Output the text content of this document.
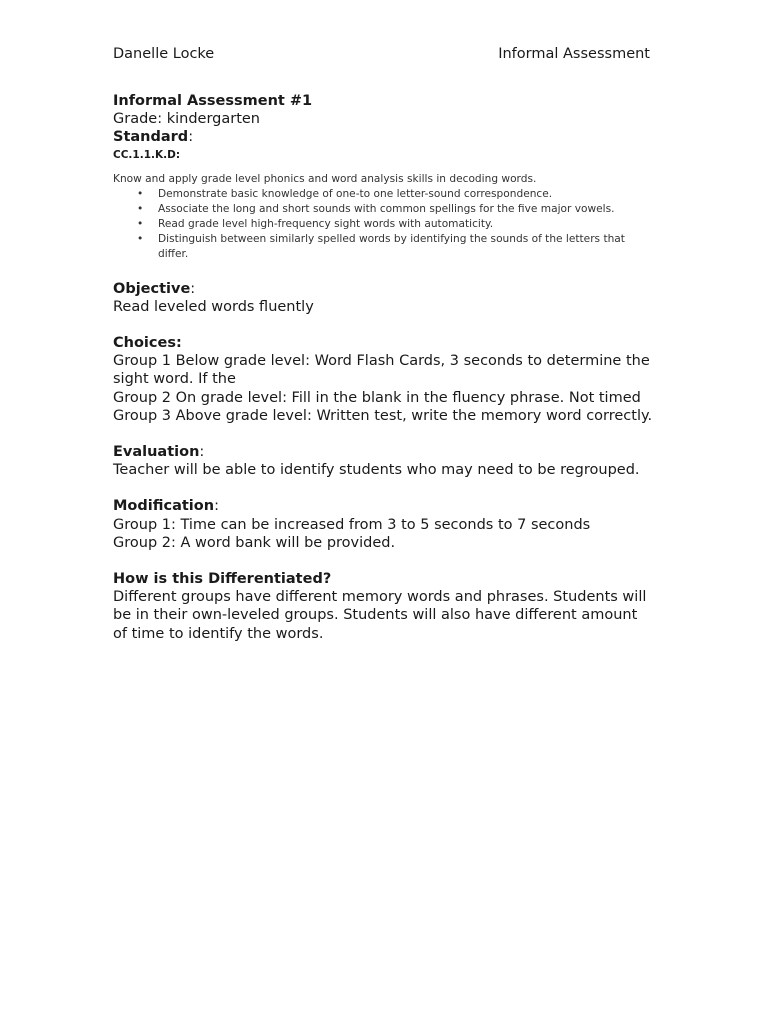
Danelle Locke	Informal Assessment

Informal Assessment #1

Grade: kindergarten

Standard:

CC.1.1.K.D:

Know and apply grade level phonics and word analysis skills in decoding words.

• Demonstrate basic knowledge of one-to one letter-sound correspondence.
• Associate the long and short sounds with common spellings for the five major vowels.
• Read grade level high-frequency sight words with automaticity.
• Distinguish between similarly spelled words by identifying the sounds of the letters that differ.

Objective:

Read leveled words fluently

Choices:

Group 1 Below grade level: Word Flash Cards, 3 seconds to determine the sight word. If the

Group 2 On grade level: Fill in the blank in the fluency phrase. Not timed

Group 3 Above grade level: Written test, write the memory word correctly.

Evaluation:

Teacher will be able to identify students who may need to be regrouped.

Modification:

Group 1: Time can be increased from 3 to 5 seconds to 7 seconds

Group 2: A word bank will be provided.

How is this Differentiated?

Different groups have different memory words and phrases. Students will be in their own-leveled groups. Students will also have different amount of time to identify the words.
